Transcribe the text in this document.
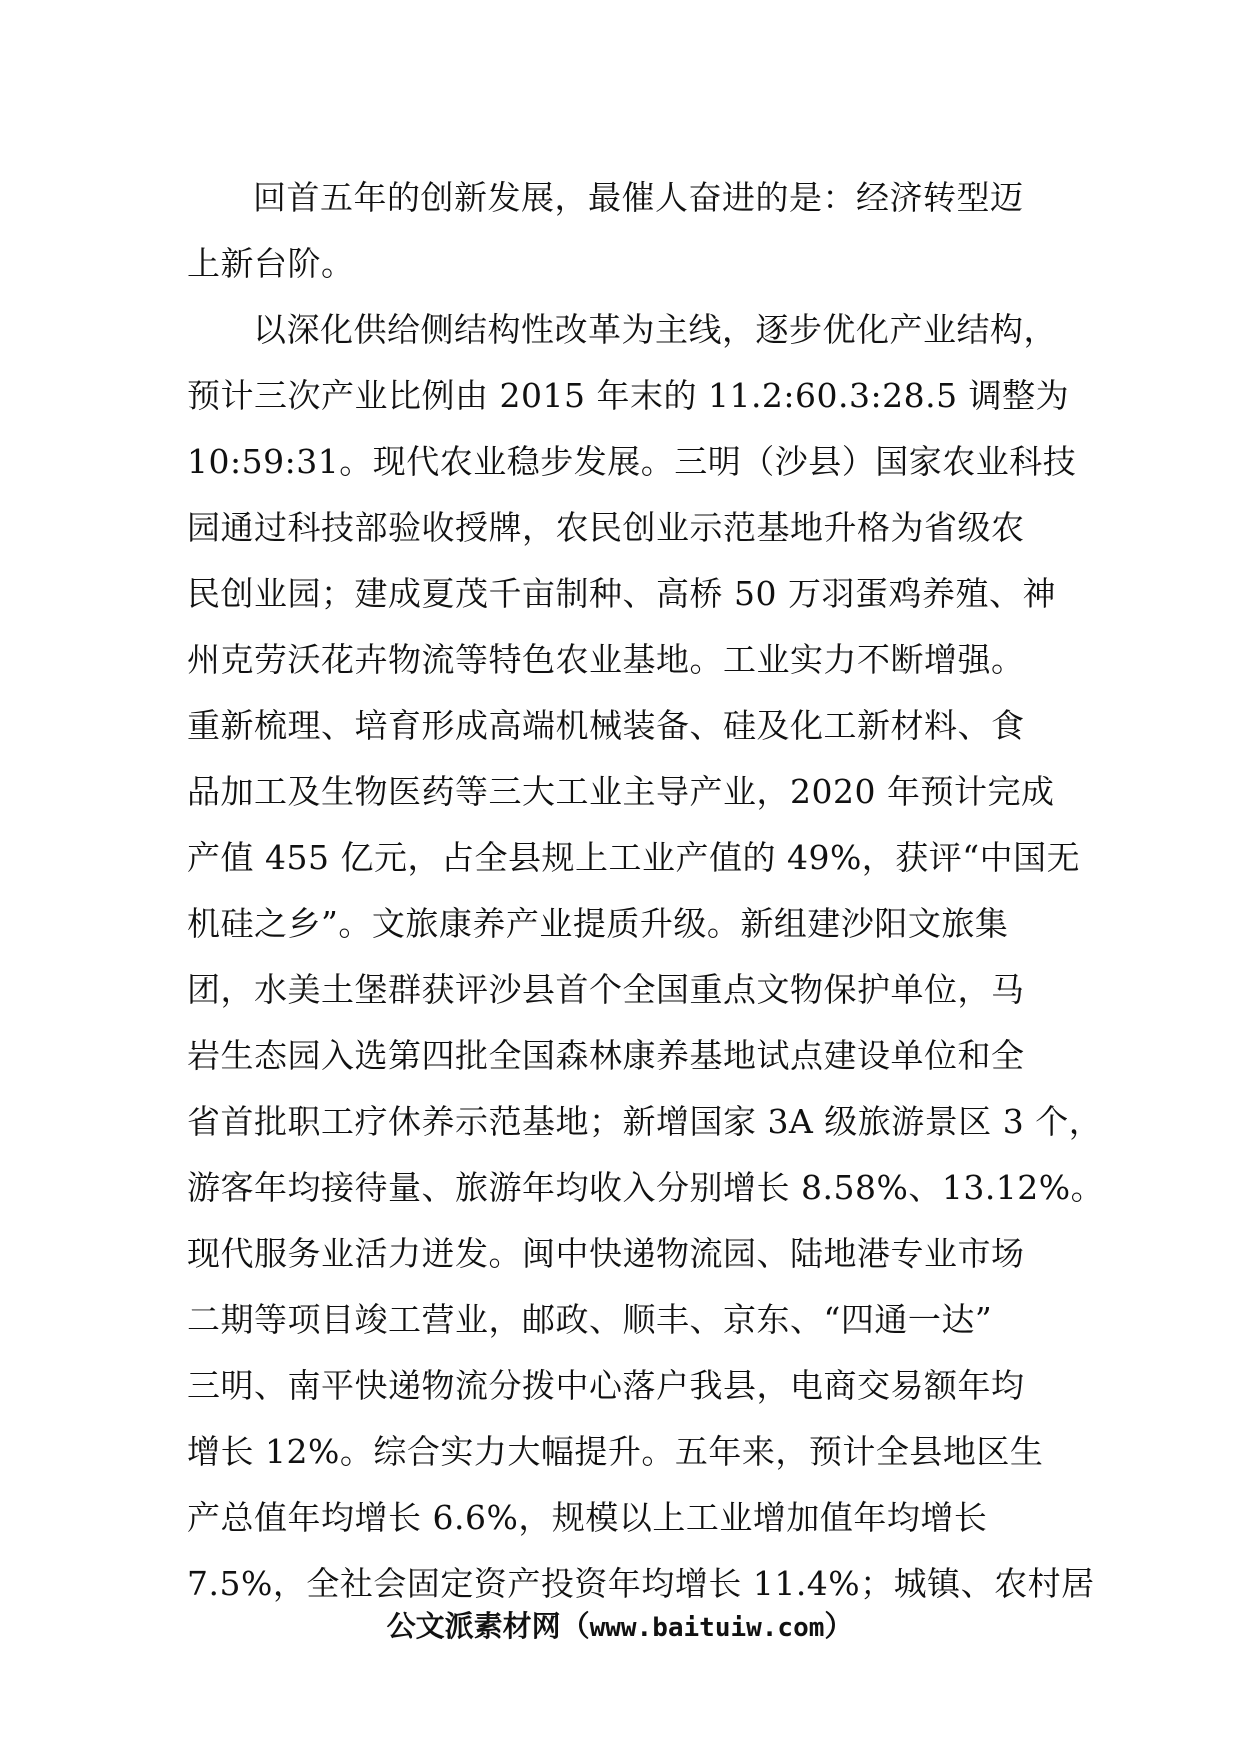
回首五年的创新发展，最催人奋进的是：经济转型迈
上新台阶。
以深化供给侧结构性改革为主线，逐步优化产业结构，
预计三次产业比例由 2015 年末的 11.2:60.3:28.5 调整为
10:59:31。现代农业稳步发展。三明（沙县）国家农业科技
园通过科技部验收授牌，农民创业示范基地升格为省级农
民创业园；建成夏茂千亩制种、高桥 50 万羽蛋鸡养殖、神
州克劳沃花卉物流等特色农业基地。工业实力不断增强。
重新梳理、培育形成高端机械装备、硅及化工新材料、食
品加工及生物医药等三大工业主导产业，2020 年预计完成
产值 455 亿元，占全县规上工业产值的 49%，获评“中国无
机硅之乡”。文旅康养产业提质升级。新组建沙阳文旅集
团，水美土堡群获评沙县首个全国重点文物保护单位，马
岩生态园入选第四批全国森林康养基地试点建设单位和全
省首批职工疗休养示范基地；新增国家 3A 级旅游景区 3 个，
游客年均接待量、旅游年均收入分别增长 8.58%、13.12%。
现代服务业活力迸发。闽中快递物流园、陆地港专业市场
二期等项目竣工营业，邮政、顺丰、京东、“四通一达”
三明、南平快递物流分拨中心落户我县，电商交易额年均
增长 12%。综合实力大幅提升。五年来，预计全县地区生
产总值年均增长 6.6%，规模以上工业增加值年均增长
7.5%，全社会固定资产投资年均增长 11.4%；城镇、农村居
公文派素材网（www.baituiw.com）
